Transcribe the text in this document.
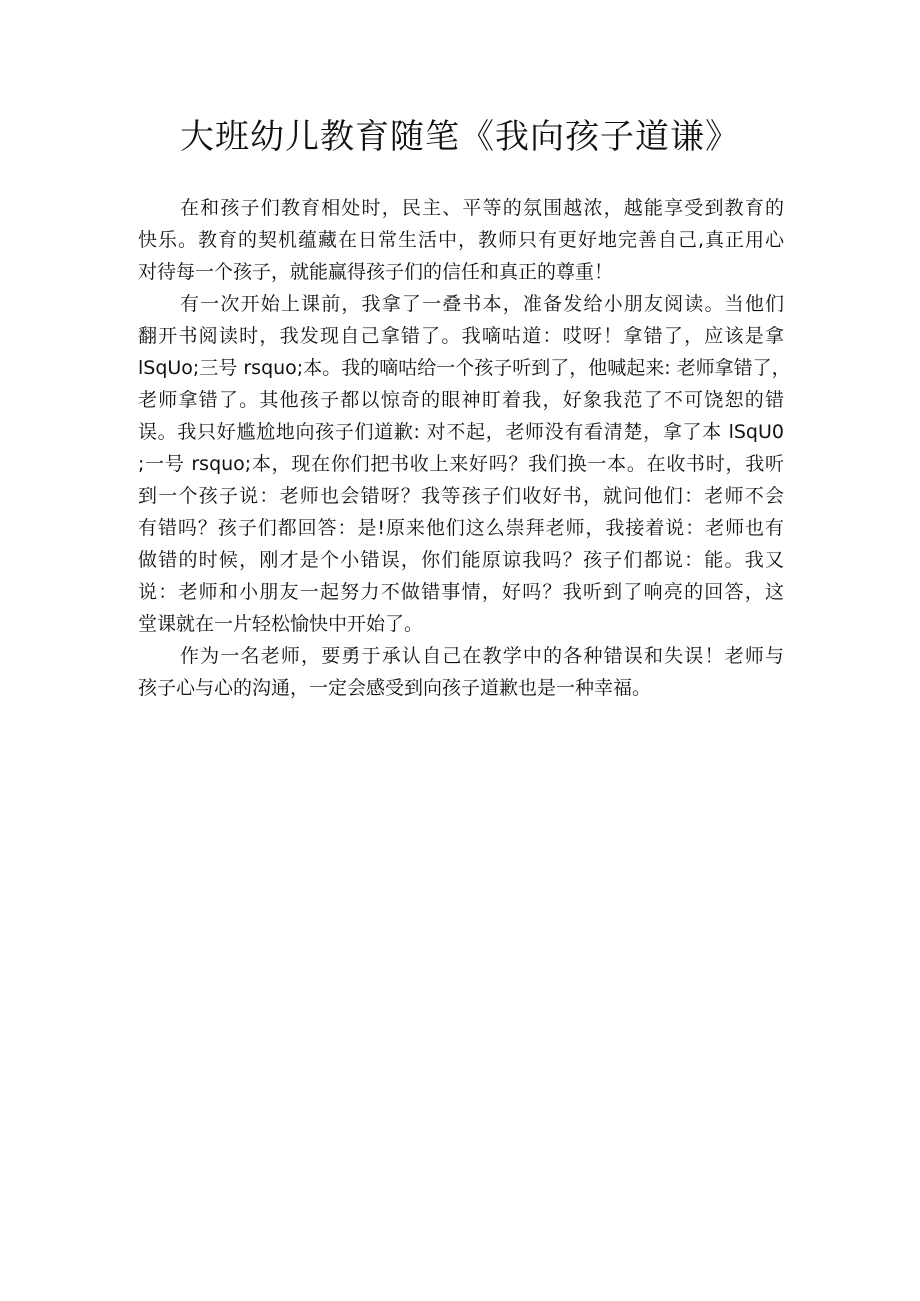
大班幼儿教育随笔《我向孩子道谦》
在和孩子们教育相处时，民主、平等的氛围越浓，越能享受到教育的
快乐。教育的契机蕴藏在日常生活中，教师只有更好地完善自己,真正用心
对待每一个孩子，就能赢得孩子们的信任和真正的尊重！
有一次开始上课前，我拿了一叠书本，准备发给小朋友阅读。当他们
翻开书阅读时，我发现自己拿错了。我嘀咕道：哎呀！拿错了，应该是拿
lSqUo;三号 rsquo;本。我的嘀咕给一个孩子听到了，他喊起来: 老师拿错了，
老师拿错了。其他孩子都以惊奇的眼神盯着我，好象我范了不可饶恕的错
误。我只好尴尬地向孩子们道歉: 对不起，老师没有看清楚，拿了本 lSqU0
;一号 rsquo;本，现在你们把书收上来好吗？我们换一本。在收书时，我听
到一个孩子说：老师也会错呀？我等孩子们收好书，就问他们：老师不会
有错吗？孩子们都回答：是!原来他们这么崇拜老师，我接着说：老师也有
做错的时候，刚才是个小错误，你们能原谅我吗？孩子们都说：能。我又
说：老师和小朋友一起努力不做错事情，好吗？我听到了响亮的回答，这
堂课就在一片轻松愉快中开始了。
作为一名老师，要勇于承认自己在教学中的各种错误和失误！老师与
孩子心与心的沟通，一定会感受到向孩子道歉也是一种幸福。
